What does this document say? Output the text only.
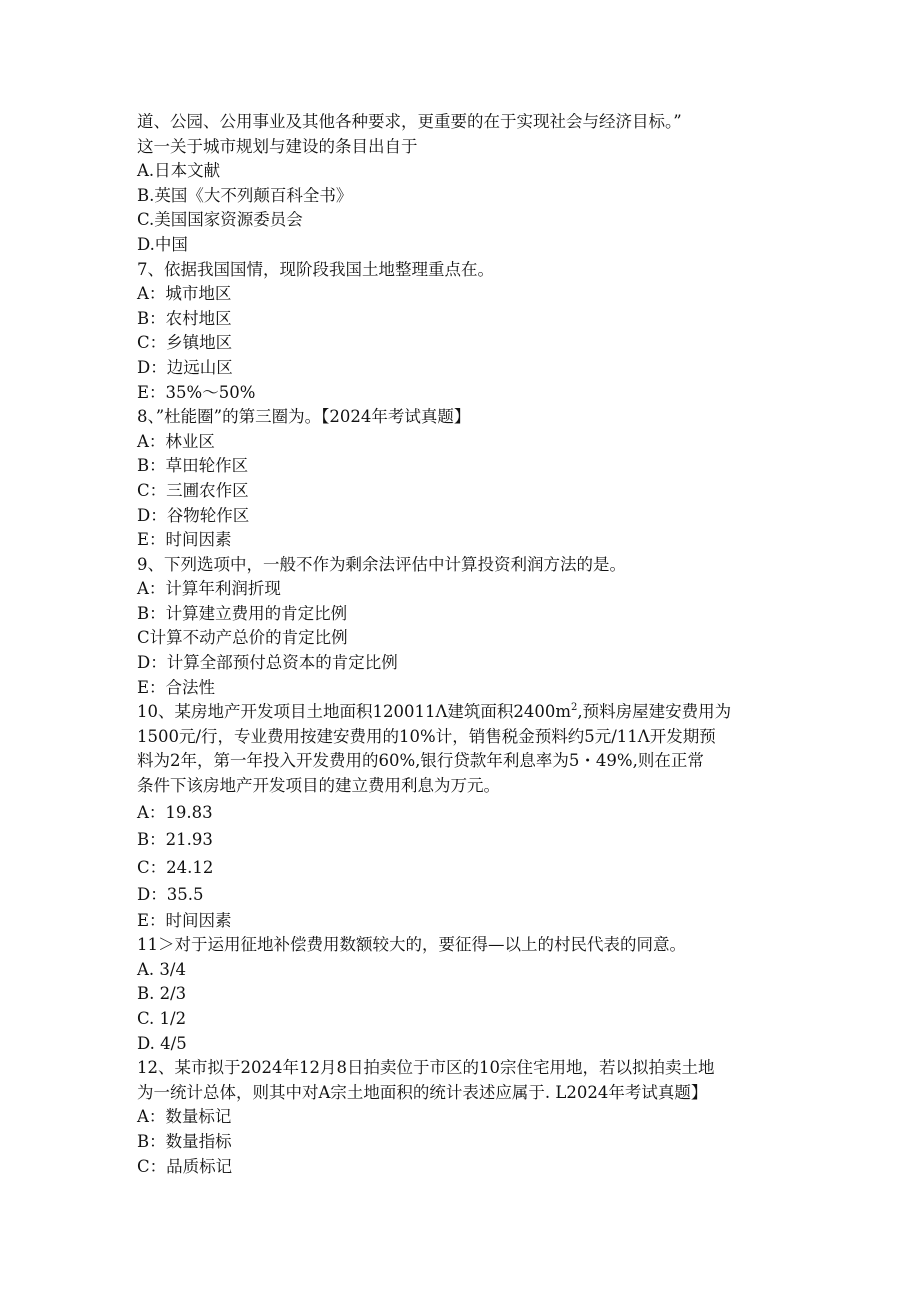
道、公园、公用事业及其他各种要求，更重要的在于实现社会与经济目标。”
这一关于城市规划与建设的条目出自于
A.日本文献
B.英国《大不列颠百科全书》
C.美国国家资源委员会
D.中国
7、依据我国国情，现阶段我国土地整理重点在。
A：城市地区
B：农村地区
C：乡镇地区
D：边远山区
E：35%～50%
8、”杜能圈”的第三圈为。【2024年考试真题】
A：林业区
B：草田轮作区
C：三圃农作区
D：谷物轮作区
E：时间因素
9、下列选项中，一般不作为剩余法评估中计算投资利润方法的是。
A：计算年利润折现
B：计算建立费用的肯定比例
C计算不动产总价的肯定比例
D：计算全部预付总资本的肯定比例
E：合法性
10、某房地产开发项目土地面积120011Λ建筑面积$2400m^2$,预料房屋建安费用为
1500元/行，专业费用按建安费用的10%计，销售税金预料约5元/11Λ开发期预
料为2年，第一年投入开发费用的60%,银行贷款年利息率为5・49%,则在正常
条件下该房地产开发项目的建立费用利息为万元。
A：19.83
B：21.93
C：24.12
D：35.5
E：时间因素
11＞对于运用征地补偿费用数额较大的，要征得—以上的村民代表的同意。
A. 3/4
B. 2/3
C. 1/2
D. 4/5
12、某市拟于2024年12月8日拍卖位于市区的10宗住宅用地，若以拟拍卖土地
为一统计总体，则其中对A宗土地面积的统计表述应属于. L2024年考试真题】
A：数量标记
B：数量指标
C：品质标记
